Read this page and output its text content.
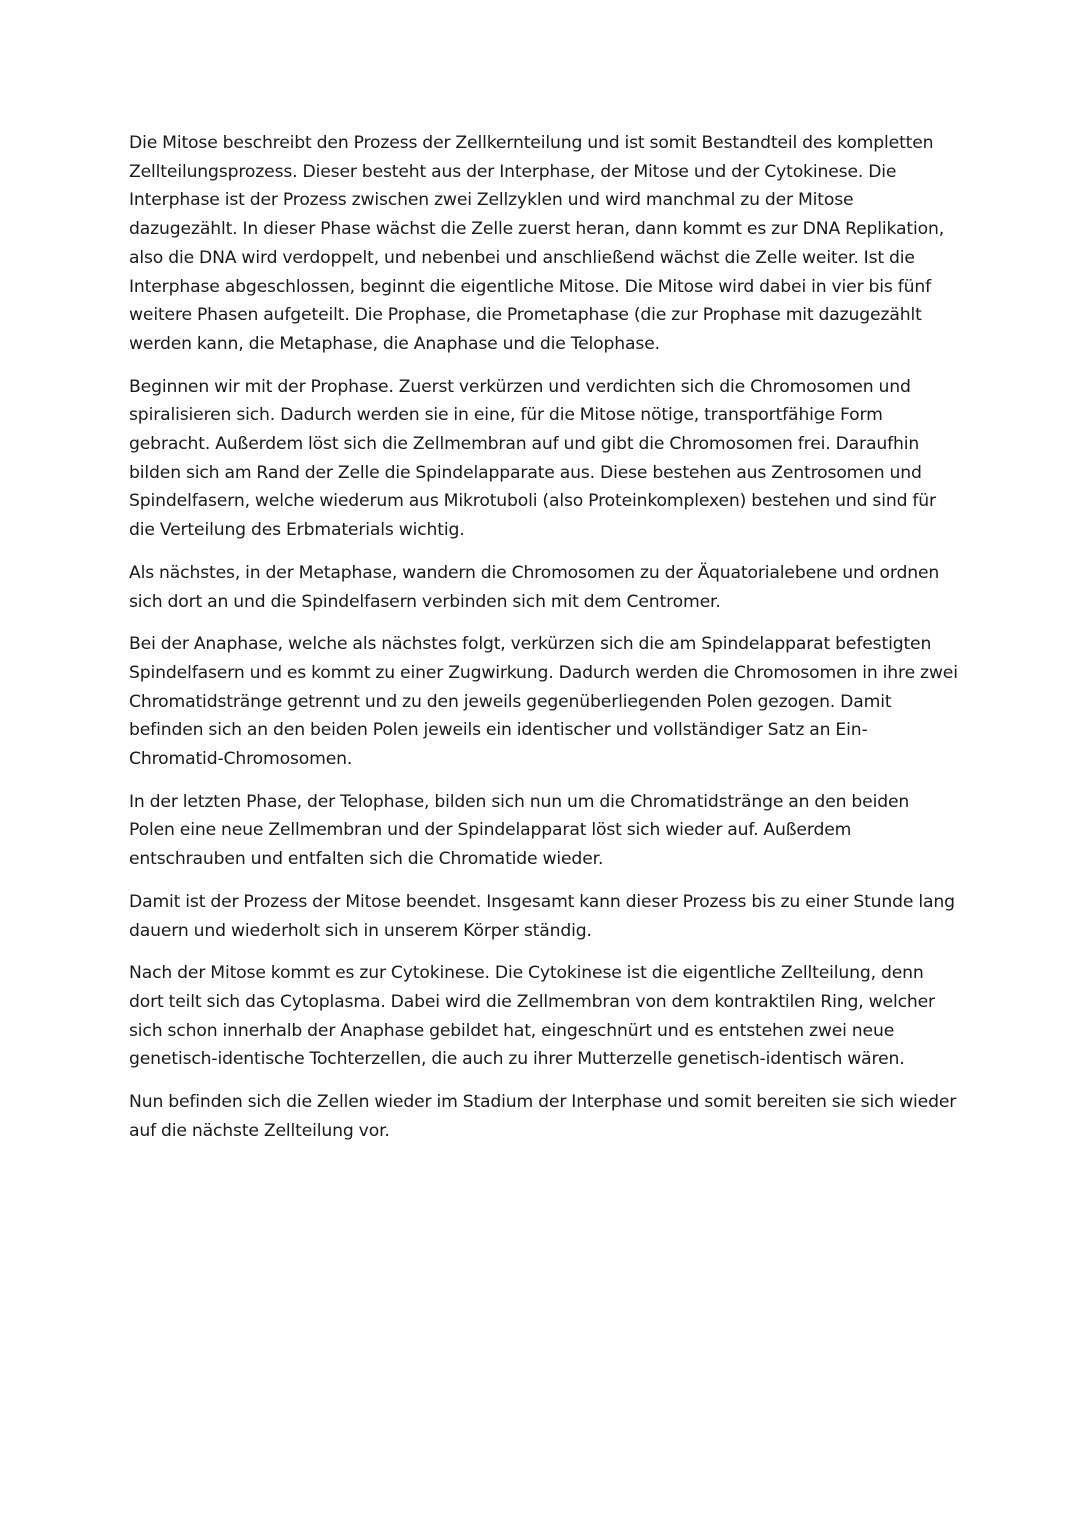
Die Mitose beschreibt den Prozess der Zellkernteilung und ist somit Bestandteil des kompletten Zellteilungsprozess. Dieser besteht aus der Interphase, der Mitose und der Cytokinese. Die Interphase ist der Prozess zwischen zwei Zellzyklen und wird manchmal zu der Mitose dazugezählt. In dieser Phase wächst die Zelle zuerst heran, dann kommt es zur DNA Replikation, also die DNA wird verdoppelt, und nebenbei und anschließend wächst die Zelle weiter. Ist die Interphase abgeschlossen, beginnt die eigentliche Mitose. Die Mitose wird dabei in vier bis fünf weitere Phasen aufgeteilt. Die Prophase, die Prometaphase (die zur Prophase mit dazugezählt werden kann, die Metaphase, die Anaphase und die Telophase.

Beginnen wir mit der Prophase. Zuerst verkürzen und verdichten sich die Chromosomen und spiralisieren sich. Dadurch werden sie in eine, für die Mitose nötige, transportfähige Form gebracht. Außerdem löst sich die Zellmembran auf und gibt die Chromosomen frei. Daraufhin bilden sich am Rand der Zelle die Spindelapparate aus. Diese bestehen aus Zentrosomen und Spindelfasern, welche wiederum aus Mikrotuboli (also Proteinkomplexen) bestehen und sind für die Verteilung des Erbmaterials wichtig.

Als nächstes, in der Metaphase, wandern die Chromosomen zu der Äquatorialebene und ordnen sich dort an und die Spindelfasern verbinden sich mit dem Centromer.

Bei der Anaphase, welche als nächstes folgt, verkürzen sich die am Spindelapparat befestigten Spindelfasern und es kommt zu einer Zugwirkung. Dadurch werden die Chromosomen in ihre zwei Chromatidstränge getrennt und zu den jeweils gegenüberliegenden Polen gezogen. Damit befinden sich an den beiden Polen jeweils ein identischer und vollständiger Satz an Ein-Chromatid-Chromosomen.

In der letzten Phase, der Telophase, bilden sich nun um die Chromatidstränge an den beiden Polen eine neue Zellmembran und der Spindelapparat löst sich wieder auf. Außerdem entschrauben und entfalten sich die Chromatide wieder.

Damit ist der Prozess der Mitose beendet. Insgesamt kann dieser Prozess bis zu einer Stunde lang dauern und wiederholt sich in unserem Körper ständig.

Nach der Mitose kommt es zur Cytokinese. Die Cytokinese ist die eigentliche Zellteilung, denn dort teilt sich das Cytoplasma. Dabei wird die Zellmembran von dem kontraktilen Ring, welcher sich schon innerhalb der Anaphase gebildet hat, eingeschnürt und es entstehen zwei neue genetisch-identische Tochterzellen, die auch zu ihrer Mutterzelle genetisch-identisch wären.

Nun befinden sich die Zellen wieder im Stadium der Interphase und somit bereiten sie sich wieder auf die nächste Zellteilung vor.
